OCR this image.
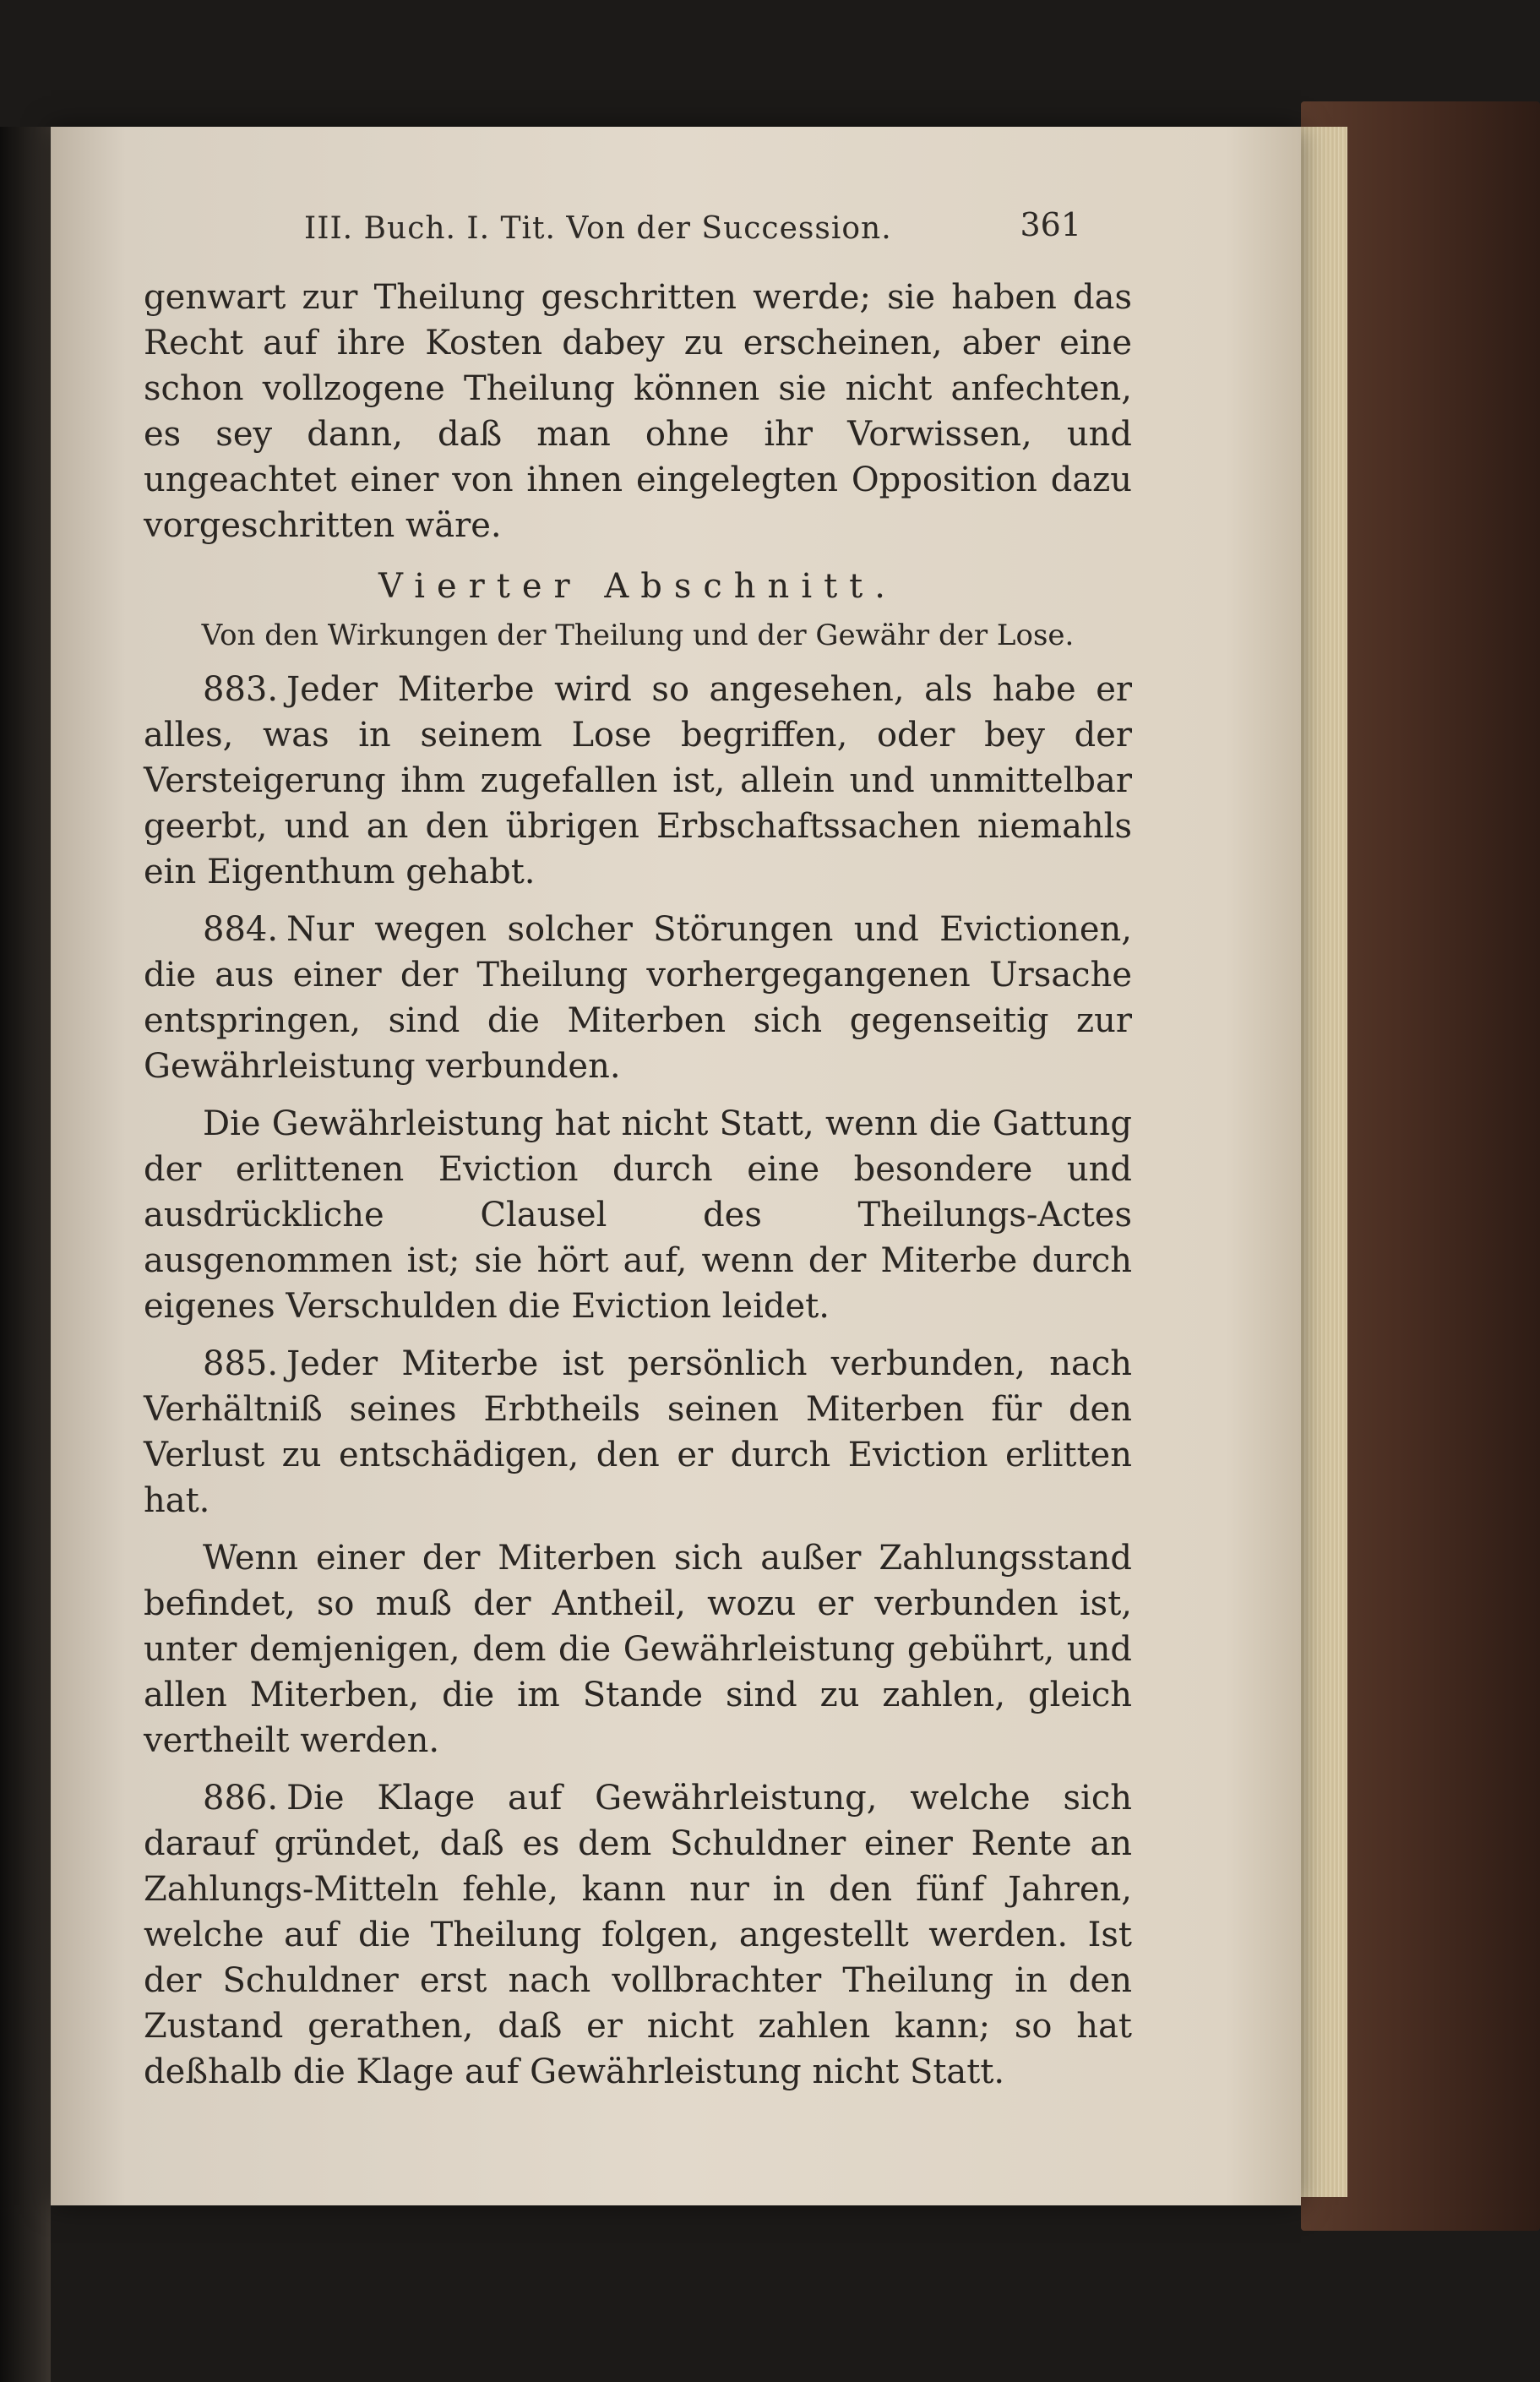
III. Buch. I. Tit. Von der Succession.	361

genwart zur Theilung geschritten werde; sie haben das Recht auf ihre Kosten dabey zu erscheinen, aber eine schon vollzogene Theilung können sie nicht anfechten, es sey dann, daß man ohne ihr Vorwissen, und ungeachtet einer von ihnen eingelegten Opposition dazu vorgeschritten wäre.

Vierter Abschnitt.
Von den Wirkungen der Theilung und der Gewähr der Lose.

883. Jeder Miterbe wird so angesehen, als habe er alles, was in seinem Lose begriffen, oder bey der Versteigerung ihm zugefallen ist, allein und unmittelbar geerbt, und an den übrigen Erbschaftssachen niemahls ein Eigenthum gehabt.

884. Nur wegen solcher Störungen und Evictionen, die aus einer der Theilung vorhergegangenen Ursache entspringen, sind die Miterben sich gegenseitig zur Gewährleistung verbunden.

Die Gewährleistung hat nicht Statt, wenn die Gattung der erlittenen Eviction durch eine besondere und ausdrückliche Clausel des Theilungs-Actes ausgenommen ist; sie hört auf, wenn der Miterbe durch eigenes Verschulden die Eviction leidet.

885. Jeder Miterbe ist persönlich verbunden, nach Verhältniß seines Erbtheils seinen Miterben für den Verlust zu entschädigen, den er durch Eviction erlitten hat.

Wenn einer der Miterben sich außer Zahlungsstand befindet, so muß der Antheil, wozu er verbunden ist, unter demjenigen, dem die Gewährleistung gebührt, und allen Miterben, die im Stande sind zu zahlen, gleich vertheilt werden.

886. Die Klage auf Gewährleistung, welche sich darauf gründet, daß es dem Schuldner einer Rente an Zahlungs-Mitteln fehle, kann nur in den fünf Jahren, welche auf die Theilung folgen, angestellt werden. Ist der Schuldner erst nach vollbrachter Theilung in den Zustand gerathen, daß er nicht zahlen kann; so hat deßhalb die Klage auf Gewährleistung nicht Statt.
